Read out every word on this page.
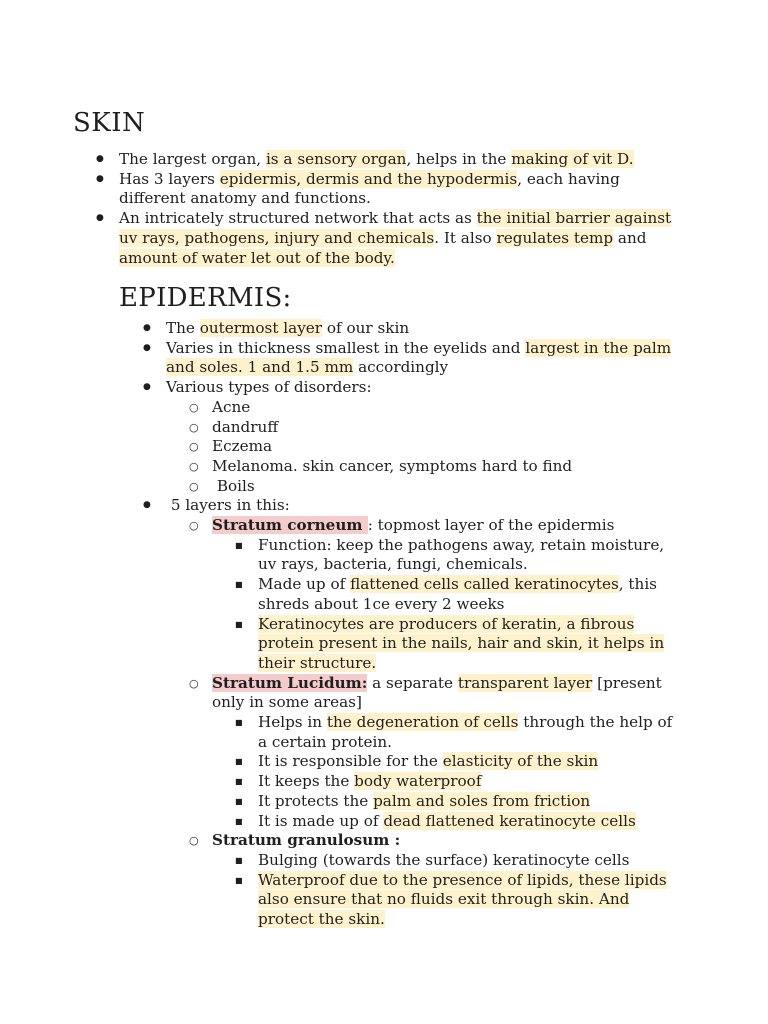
SKIN
● The largest organ, is a sensory organ, helps in the making of vit D.
● Has 3 layers epidermis, dermis and the hypodermis, each having different anatomy and functions.
● An intricately structured network that acts as the initial barrier against uv rays, pathogens, injury and chemicals. It also regulates temp and amount of water let out of the body.
EPIDERMIS:
● The outermost layer of our skin
● Varies in thickness smallest in the eyelids and largest in the palm and soles. 1 and 1.5 mm accordingly
● Various types of disorders:
○ Acne
○ dandruff
○ Eczema
○ Melanoma. skin cancer, symptoms hard to find
○  Boils
●  5 layers in this:
○ Stratum corneum : topmost layer of the epidermis
■ Function: keep the pathogens away, retain moisture, uv rays, bacteria, fungi, chemicals.
■ Made up of flattened cells called keratinocytes, this shreds about 1ce every 2 weeks
■ Keratinocytes are producers of keratin, a fibrous protein present in the nails, hair and skin, it helps in their structure.
○ Stratum Lucidum: a separate transparent layer [present only in some areas]
■ Helps in the degeneration of cells through the help of a certain protein.
■ It is responsible for the elasticity of the skin
■ It keeps the body waterproof
■ It protects the palm and soles from friction
■ It is made up of dead flattened keratinocyte cells
○ Stratum granulosum :
■ Bulging (towards the surface) keratinocyte cells
■ Waterproof due to the presence of lipids, these lipids also ensure that no fluids exit through skin. And protect the skin.
